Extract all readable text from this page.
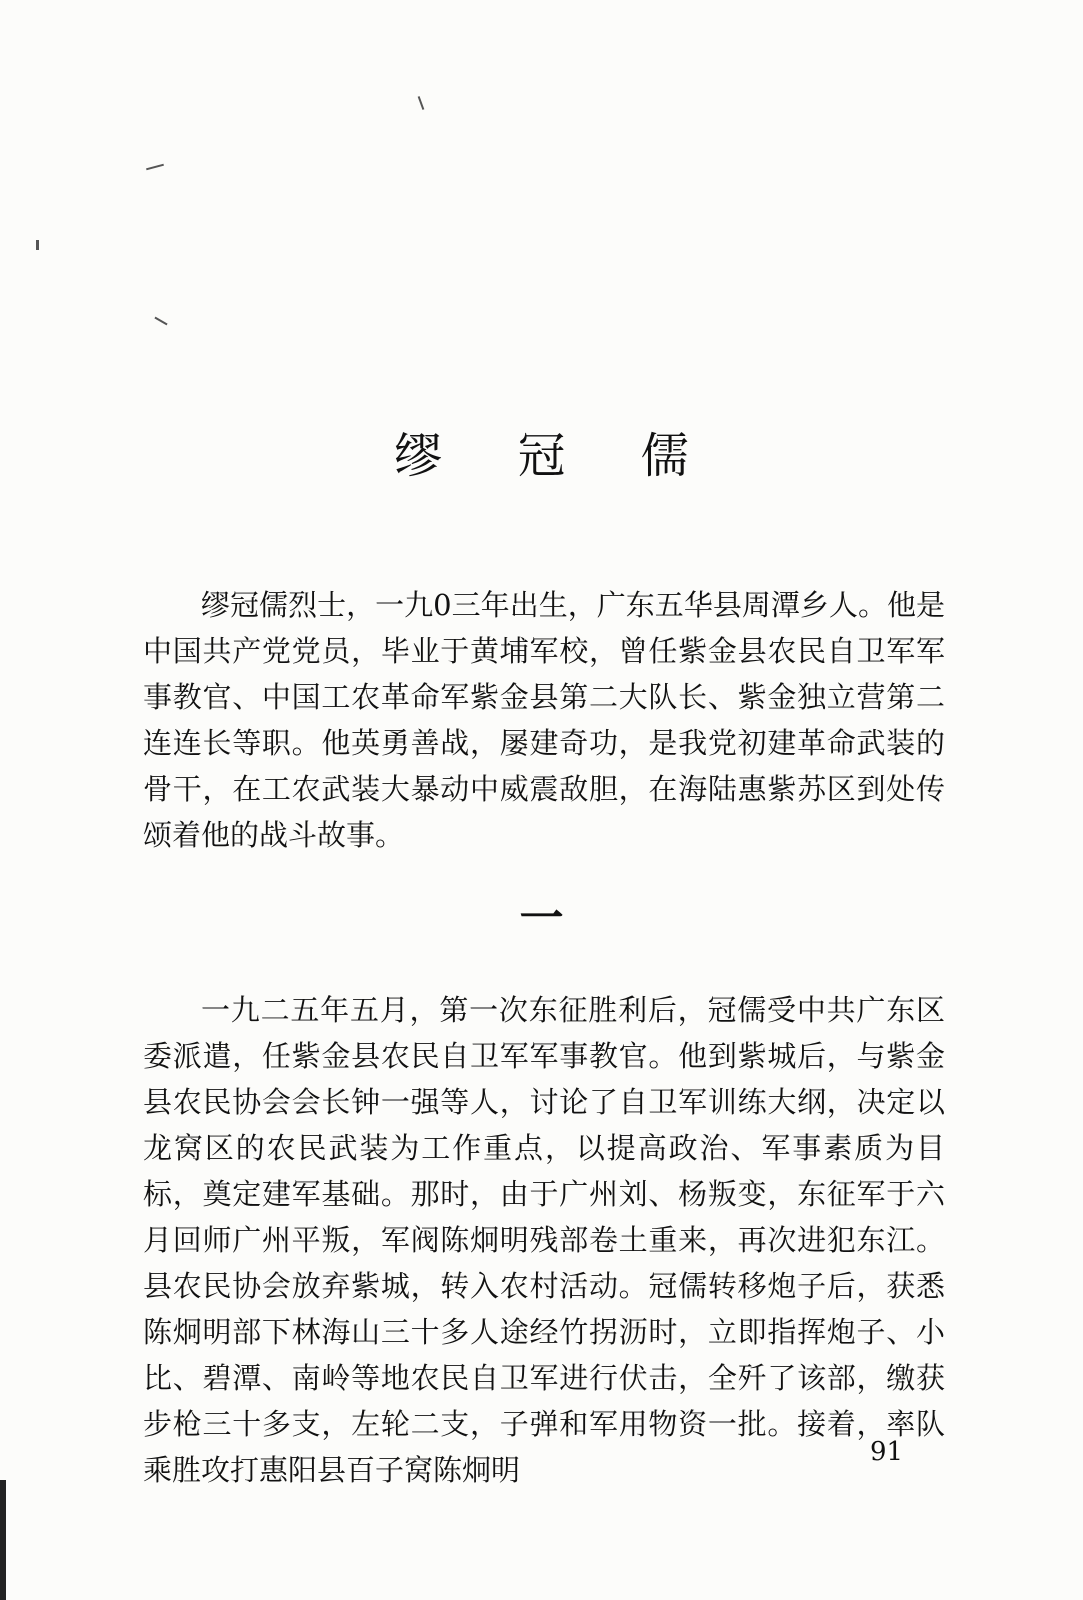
缪 冠 儒

缪冠儒烈士，一九0三年出生，广东五华县周潭乡人。他是中国共产党党员，毕业于黄埔军校，曾任紫金县农民自卫军军事教官、中国工农革命军紫金县第二大队长、紫金独立营第二连连长等职。他英勇善战，屡建奇功，是我党初建革命武装的骨干，在工农武装大暴动中威震敌胆，在海陆惠紫苏区到处传颂着他的战斗故事。

一

一九二五年五月，第一次东征胜利后，冠儒受中共广东区委派遣，任紫金县农民自卫军军事教官。他到紫城后，与紫金县农民协会会长钟一强等人，讨论了自卫军训练大纲，决定以龙窝区的农民武装为工作重点，以提高政治、军事素质为目标，奠定建军基础。那时，由于广州刘、杨叛变，东征军于六月回师广州平叛，军阀陈炯明残部卷土重来，再次进犯东江。县农民协会放弃紫城，转入农村活动。冠儒转移炮子后，获悉陈炯明部下林海山三十多人途经竹拐沥时，立即指挥炮子、小比、碧潭、南岭等地农民自卫军进行伏击，全歼了该部，缴获步枪三十多支，左轮二支，子弹和军用物资一批。接着，率队乘胜攻打惠阳县百子窝陈炯明

91
